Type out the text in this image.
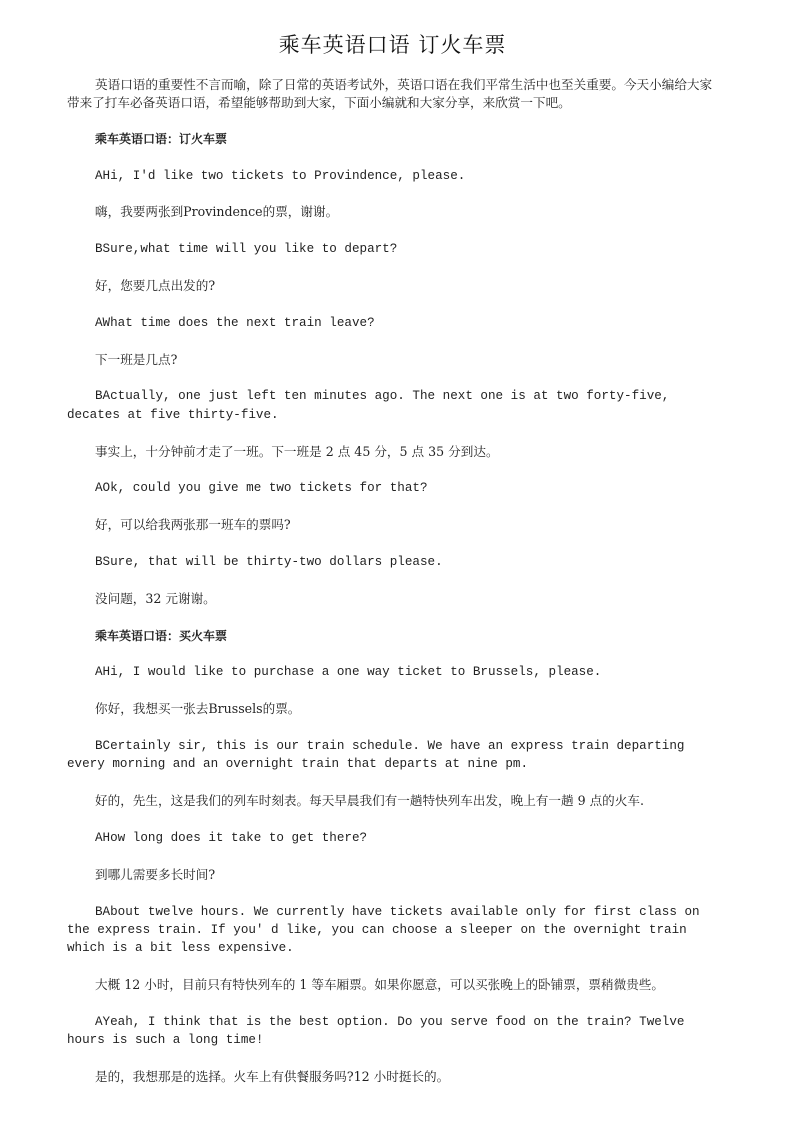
乘车英语口语 订火车票
英语口语的重要性不言而喻，除了日常的英语考试外，英语口语在我们平常生活中也至关重要。今天小编给大家带来了打车必备英语口语，希望能够帮助到大家，下面小编就和大家分享，来欣赏一下吧。
乘车英语口语：订火车票
AHi, I'd like two tickets to Provindence, please.
嗨，我要两张到Provindence的票，谢谢。
BSure,what time will you like to depart?
好，您要几点出发的?
AWhat time does the next train leave?
下一班是几点?
BActually, one just left ten minutes ago. The next one is at two forty-five, decates at five thirty-five.
事实上，十分钟前才走了一班。下一班是 2 点 45 分，5 点 35 分到达。
AOk, could you give me two tickets for that?
好，可以给我两张那一班车的票吗?
BSure, that will be thirty-two dollars please.
没问题，32 元谢谢。
乘车英语口语：买火车票
AHi, I would like to purchase a one way ticket to Brussels, please.
你好，我想买一张去Brussels的票。
BCertainly sir, this is our train schedule. We have an express train departing every morning and an overnight train that departs at nine pm.
好的，先生，这是我们的列车时刻表。每天早晨我们有一趟特快列车出发，晚上有一趟 9 点的火车.
AHow long does it take to get there?
到哪儿需要多长时间?
BAbout twelve hours. We currently have tickets available only for first class on the express train. If you' d like, you can choose a sleeper on the overnight train which is a bit less expensive.
大概 12 小时，目前只有特快列车的 1 等车厢票。如果你愿意，可以买张晚上的卧铺票，票稍微贵些。
AYeah, I think that is the best option. Do you serve food on the train? Twelve hours is such a long time!
是的，我想那是的选择。火车上有供餐服务吗?12 小时挺长的。
